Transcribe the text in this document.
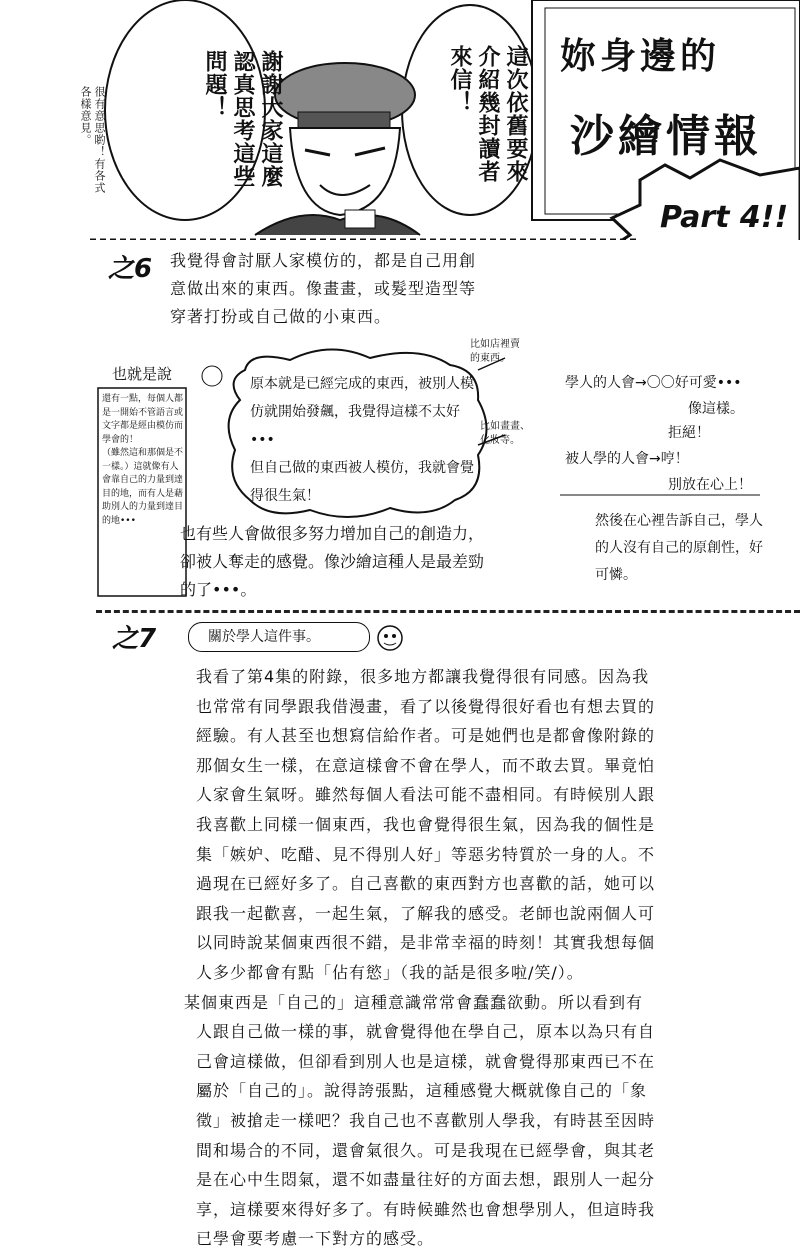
謝謝大家這麼認真思考這些問題！	這次依舊要來介紹幾封讀者來信！
很有意思喲！有各式各樣意見。
妳身邊的
沙繪情報
Part 4!!
之6 我覺得會討厭人家模仿的，都是自己用創意做出來的東西。像畫畫，或髮型造型等穿著打扮或自己做的小東西。
也就是說
原本就是已經完成的東西，被別人模仿就開始發飆，我覺得這樣不太好•••
但自己做的東西被人模仿，我就會覺得很生氣！
比如店裡賣的東西。
比如畫畫、化妝等。
還有一點，每個人都是一開始不管語言或文字都是經由模仿而學會的！
（雖然這和那個是不一樣。）這就像有人會靠自己的力量到達目的地，而有人是藉助別人的力量到達目的地•••
學人的人會→〇〇好可愛•••
像這樣。
拒絕！
被人學的人會→哼！
別放在心上！
然後在心裡告訴自己，學人的人沒有自己的原創性，好可憐。
也有些人會做很多努力增加自己的創造力，卻被人奪走的感覺。像沙繪這種人是最差勁的了•••。
之7	關於學人這件事。
我看了第4集的附錄，很多地方都讓我覺得很有同感。因為我
也常常有同學跟我借漫畫，看了以後覺得很好看也有想去買的
經驗。有人甚至也想寫信給作者。可是她們也是都會像附錄的
那個女生一樣，在意這樣會不會在學人，而不敢去買。畢竟怕
人家會生氣呀。雖然每個人看法可能不盡相同。有時候別人跟
我喜歡上同樣一個東西，我也會覺得很生氣，因為我的個性是
集「嫉妒、吃醋、見不得別人好」等惡劣特質於一身的人。不
過現在已經好多了。自己喜歡的東西對方也喜歡的話，她可以
跟我一起歡喜，一起生氣，了解我的感受。老師也說兩個人可
以同時說某個東西很不錯，是非常幸福的時刻！其實我想每個
人多少都會有點「佔有慾」（我的話是很多啦/笑/）。
某個東西是「自己的」這種意識常常會蠢蠢欲動。所以看到有
人跟自己做一樣的事，就會覺得他在學自己，原本以為只有自
己會這樣做，但卻看到別人也是這樣，就會覺得那東西已不在
屬於「自己的」。說得誇張點，這種感覺大概就像自己的「象
徵」被搶走一樣吧？我自己也不喜歡別人學我，有時甚至因時
間和場合的不同，還會氣很久。可是我現在已經學會，與其老
是在心中生悶氣，還不如盡量往好的方面去想，跟別人一起分
享，這樣要來得好多了。有時候雖然也會想學別人，但這時我
已學會要考慮一下對方的感受。
